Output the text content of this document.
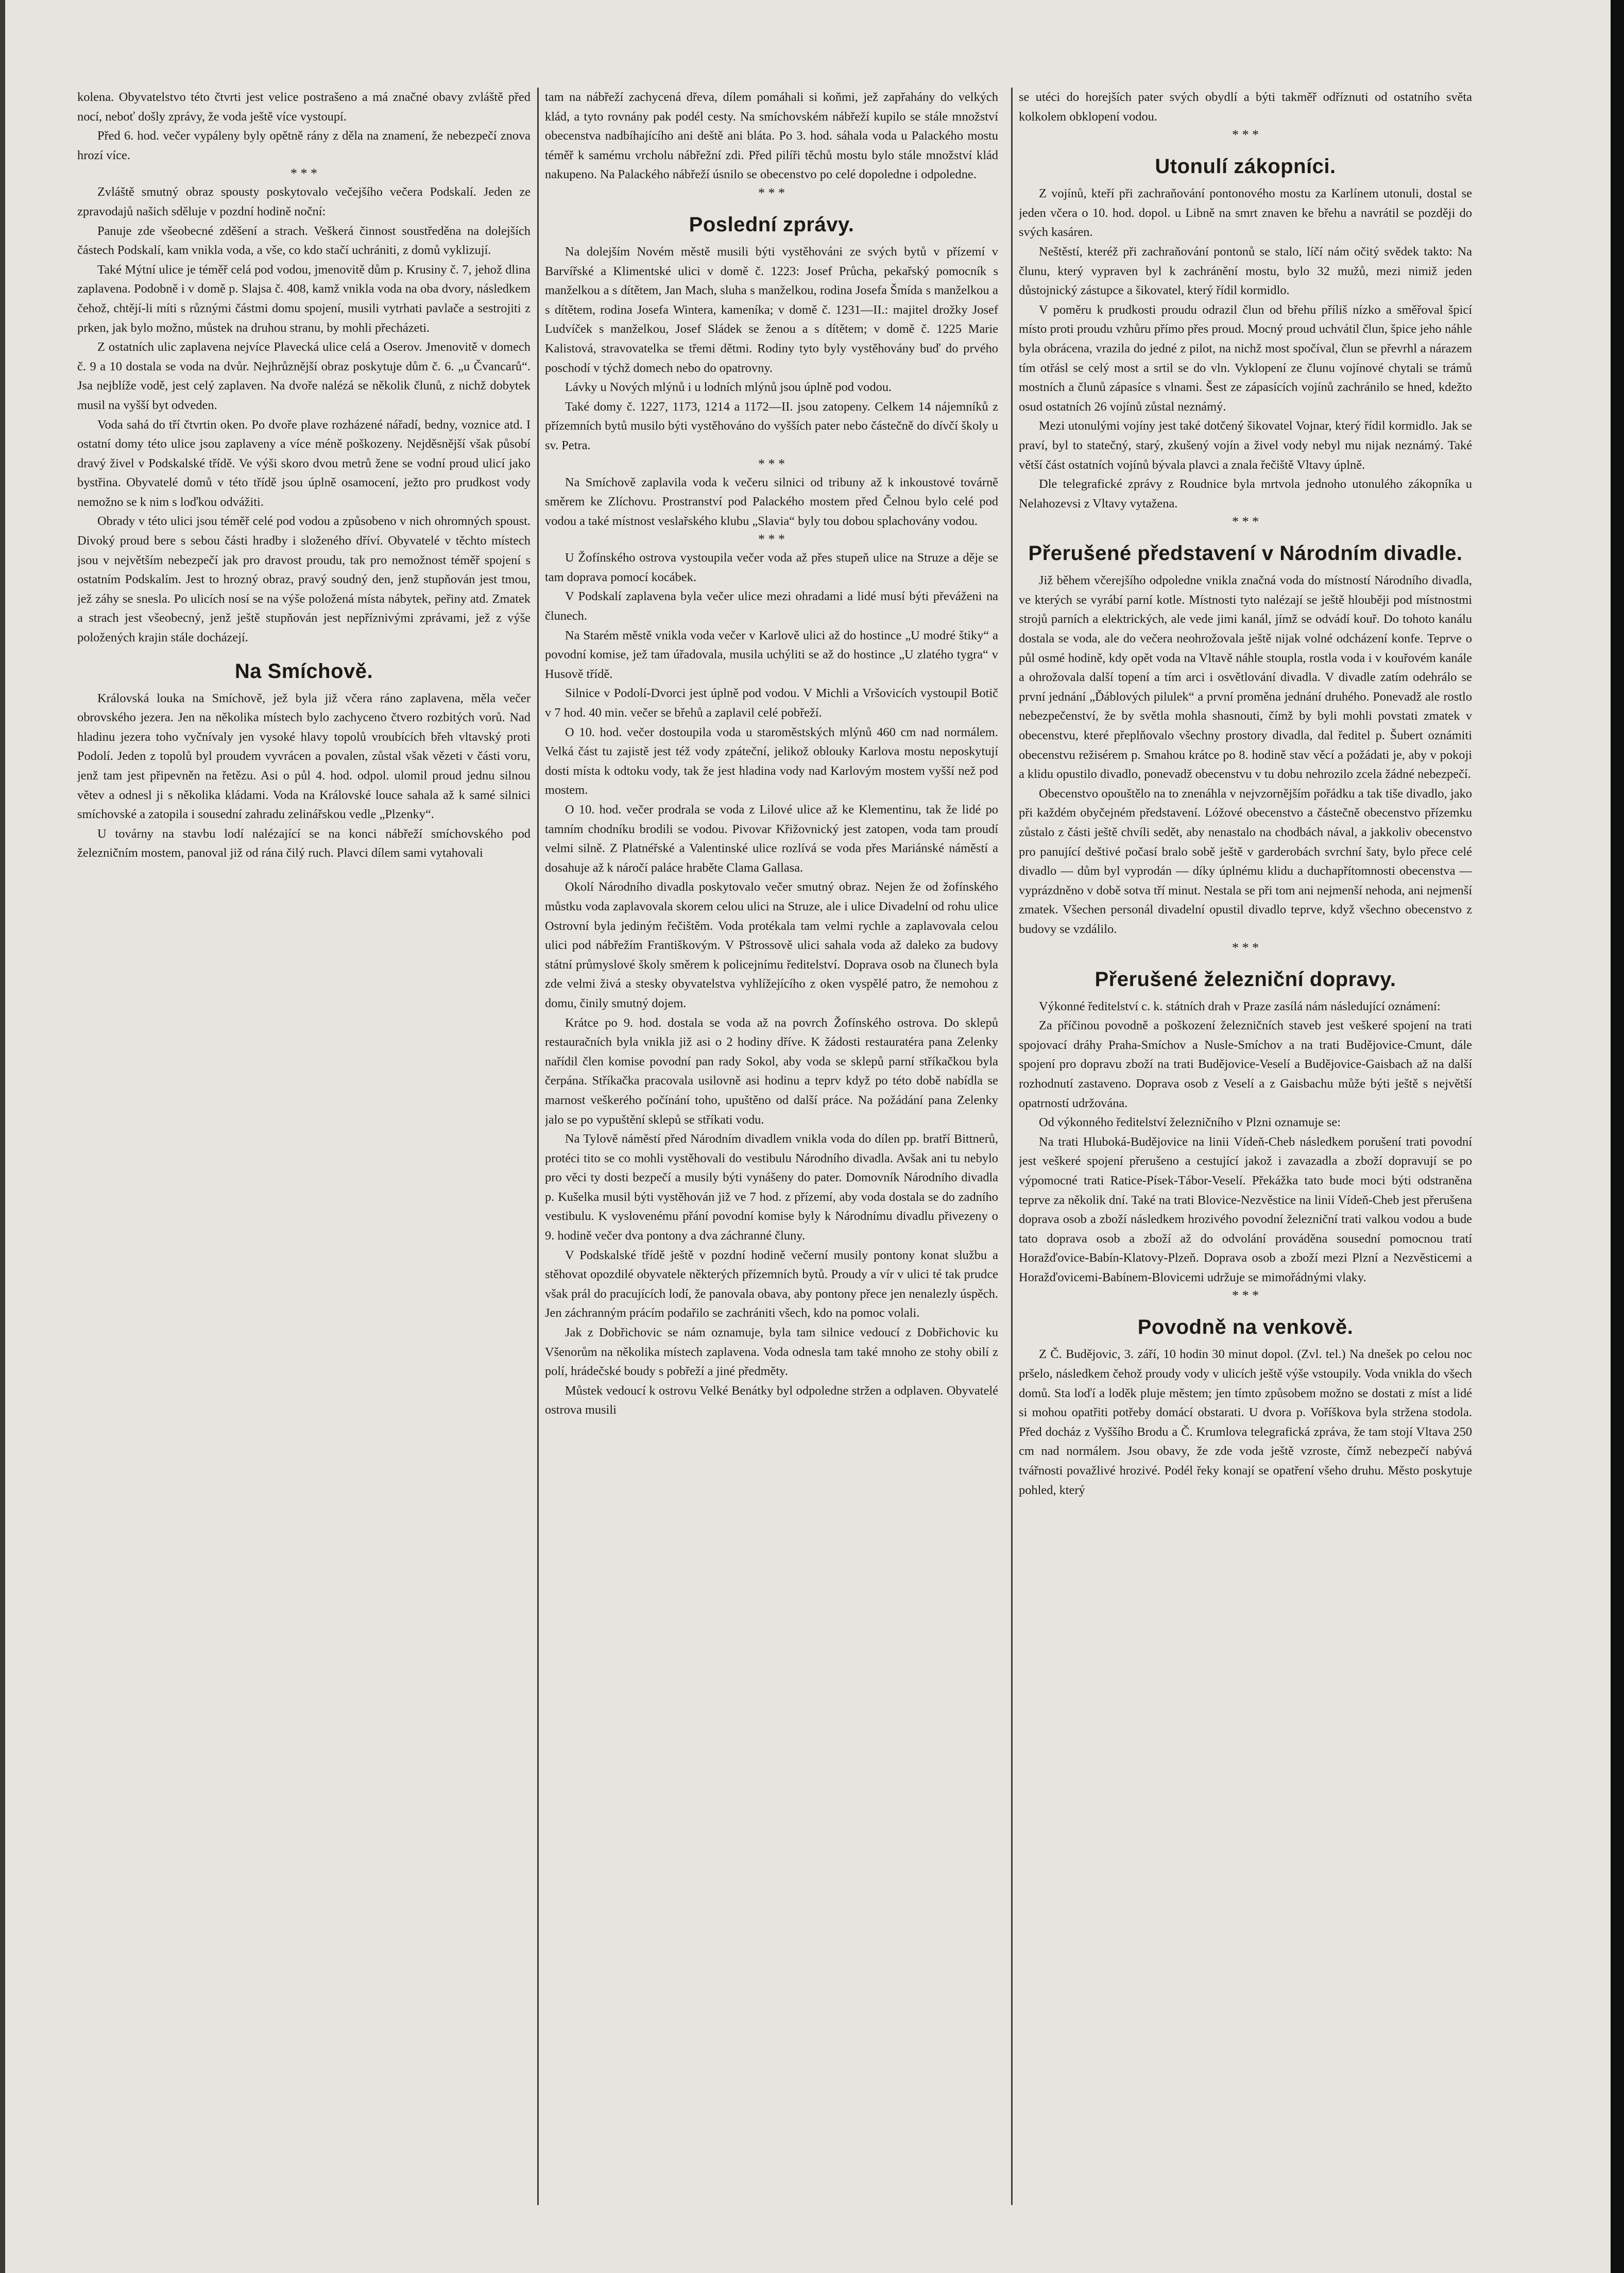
kolena. Obyvatelstvo této čtvrti jest velice postrašeno a má značné obavy zvláště před nocí, neboť došly zprávy, že voda ještě více vystoupí.

Před 6. hod. večer vypáleny byly opětně rány z děla na znamení, že nebezpečí znova hrozí více.

* * *

Zvláště smutný obraz spousty poskytovalo večejšího večera Podskalí. Jeden ze zpravodajů našich sděluje v pozdní hodině noční:

Panuje zde všeobecné zděšení a strach. Veškerá činnost soustředěna na dolejších částech Podskalí, kam vnikla voda, a vše, co kdo stačí uchrániti, z domů vyklizují.

Také Mýtní ulice je téměř celá pod vodou, jmenovitě dům p. Krusiny č. 7, jehož dlina zaplavena. Podobně i v domě p. Slajsa č. 408, kamž vnikla voda na oba dvory, následkem čehož, chtějí-li míti s různými částmi domu spojení, musili vytrhati pavlače a sestrojiti z prken, jak bylo možno, můstek na druhou stranu, by mohli přecházeti.

Z ostatních ulic zaplavena nejvíce Plavecká ulice celá a Oserov. Jmenovitě v domech č. 9 a 10 dostala se voda na dvůr. Nejhrůznější obraz poskytuje dům č. 6. „u Čvancarů“. Jsa nejblíže vodě, jest celý zaplaven. Na dvoře nalézá se několik člunů, z nichž dobytek musil na vyšší byt odveden.

Voda sahá do tří čtvrtin oken. Po dvoře plave rozházené nářadí, bedny, voznice atd. I ostatní domy této ulice jsou zaplaveny a více méně poškozeny. Nejděsnější však působí dravý živel v Podskalské třídě. Ve výši skoro dvou metrů žene se vodní proud ulicí jako bystřina. Obyvatelé domů v této třídě jsou úplně osamocení, ježto pro prudkost vody nemožno se k nim s loďkou odvážiti.

Obrady v této ulici jsou téměř celé pod vodou a způsobeno v nich ohromných spoust. Divoký proud bere s sebou části hradby i složeného dříví. Obyvatelé v těchto místech jsou v největším nebezpečí jak pro dravost proudu, tak pro nemožnost téměř spojení s ostatním Podskalím. Jest to hrozný obraz, pravý soudný den, jenž stupňován jest tmou, jež záhy se snesla. Po ulicích nosí se na výše položená místa nábytek, peřiny atd. Zmatek a strach jest všeobecný, jenž ještě stupňován jest nepříznivými zprávami, jež z výše položených krajin stále docházejí.

Na Smíchově.

Královská louka na Smíchově, jež byla již včera ráno zaplavena, měla večer obrovského jezera. Jen na několika místech bylo zachyceno čtvero rozbitých vorů. Nad hladinu jezera toho vyčnívaly jen vysoké hlavy topolů vroubících břeh vltavský proti Podolí. Jeden z topolů byl proudem vyvrácen a povalen, zůstal však vězeti v části voru, jenž tam jest připevněn na řetězu. Asi o půl 4. hod. odpol. ulomil proud jednu silnou větev a odnesl ji s několika kládami. Voda na Královské louce sahala až k samé silnici smíchovské a zatopila i sousední zahradu zelinářskou vedle „Plzenky“.

U továrny na stavbu lodí nalézající se na konci nábřeží smíchovského pod železničním mostem, panoval již od rána čilý ruch. Plavci dílem sami vytahovali

tam na nábřeží zachycená dřeva, dílem pomáhali si koňmi, jež zapřahány do velkých klád, a tyto rovnány pak podél cesty. Na smíchovském nábřeží kupilo se stále množství obecenstva nadbíhajícího ani deště ani bláta. Po 3. hod. sáhala voda u Palackého mostu téměř k samému vrcholu nábřežní zdi. Před pilíři těchů mostu bylo stále množství klád nakupeno. Na Palackého nábřeží úsnilo se obecenstvo po celé dopoledne i odpoledne.

* * *
Poslední zprávy.

Na dolejším Novém městě musili býti vystěhováni ze svých bytů v přízemí v Barvířské a Klimentské ulici v domě č. 1223: Josef Průcha, pekařský pomocník s manželkou a s dítětem, Jan Mach, sluha s manželkou, rodina Josefa Šmída s manželkou a s dítětem, rodina Josefa Wintera, kameníka; v domě č. 1231—II.: majitel drožky Josef Ludvíček s manželkou, Josef Sládek se ženou a s dítětem; v domě č. 1225 Marie Kalistová, stravovatelka se třemi dětmi. Rodiny tyto byly vystěhovány buď do prvého poschodí v týchž domech nebo do opatrovny.

Lávky u Nových mlýnů i u lodních mlýnů jsou úplně pod vodou.

Také domy č. 1227, 1173, 1214 a 1172—II. jsou zatopeny. Celkem 14 nájemníků z přízemních bytů musilo býti vystěhováno do vyšších pater nebo částečně do dívčí školy u sv. Petra.

* * *

Na Smíchově zaplavila voda k večeru silnici od tribuny až k inkoustové továrně směrem ke Zlíchovu. Prostranství pod Palackého mostem před Čelnou bylo celé pod vodou a také místnost veslařského klubu „Slavia“ byly tou dobou splachovány vodou.

* * *

U Žofínského ostrova vystoupila večer voda až přes stupeň ulice na Struze a děje se tam doprava pomocí kocábek.

V Podskalí zaplavena byla večer ulice mezi ohradami a lidé musí býti převáženi na člunech.

Na Starém městě vnikla voda večer v Karlově ulici až do hostince „U modré štiky“ a povodní komise, jež tam úřadovala, musila uchýliti se až do hostince „U zlatého tygra“ v Husově třídě.

Silnice v Podolí-Dvorci jest úplně pod vodou. V Michli a Vršovicích vystoupil Botič v 7 hod. 40 min. večer se břehů a zaplavil celé pobřeží.

O 10. hod. večer dostoupila voda u staroměstských mlýnů 460 cm nad normálem. Velká část tu zajistě jest též vody zpáteční, jelikož oblouky Karlova mostu neposkytují dosti místa k odtoku vody, tak že jest hladina vody nad Karlovým mostem vyšší než pod mostem.

O 10. hod. večer prodrala se voda z Lilové ulice až ke Klementinu, tak že lidé po tamním chodníku brodili se vodou. Pivovar Křižovnický jest zatopen, voda tam proudí velmi silně. Z Platnéřské a Valentinské ulice rozlívá se voda přes Mariánské náměstí a dosahuje až k náročí paláce hraběte Clama Gallasa.

Okolí Národního divadla poskytovalo večer smutný obraz. Nejen že od žofínského můstku voda zaplavovala skorem celou ulici na Struze, ale i ulice Divadelní od rohu ulice Ostrovní byla jediným řečištěm. Voda protékala tam velmi rychle a zaplavovala celou ulici pod nábřežím Františkovým. V Pštrossově ulici sahala voda až daleko za budovy státní průmyslové školy směrem k policejnímu ředitelství. Doprava osob na člunech byla zde velmi živá a stesky obyvatelstva vyhlížejícího z oken vyspělé patro, že nemohou z domu, činily smutný dojem.

Krátce po 9. hod. dostala se voda až na povrch Žofínského ostrova. Do sklepů restauračních byla vnikla již asi o 2 hodiny dříve. K žádosti restauratéra pana Zelenky nařídil člen komise povodní pan rady Sokol, aby voda se sklepů parní stříkačkou byla čerpána. Stříkačka pracovala usilovně asi hodinu a teprv když po této době nabídla se marnost veškerého počínání toho, upuštěno od další práce. Na požádání pana Zelenky jalo se po vypuštění sklepů se stříkati vodu.

Na Tylově náměstí před Národním divadlem vnikla voda do dílen pp. bratří Bittnerů, protéci tito se co mohli vystěhovali do vestibulu Národního divadla. Avšak ani tu nebylo pro věci ty dosti bezpečí a musily býti vynášeny do pater. Domovník Národního divadla p. Kušelka musil býti vystěhován již ve 7 hod. z přízemí, aby voda dostala se do zadního vestibulu. K vyslovenému přání povodní komise byly k Národnímu divadlu přivezeny o 9. hodině večer dva pontony a dva záchranné čluny.

V Podskalské třídě ještě v pozdní hodině večerní musily pontony konat službu a stěhovat opozdilé obyvatele některých přízemních bytů. Proudy a vír v ulici té tak prudce však prál do pracujících lodí, že panovala obava, aby pontony přece jen nenalezly úspěch. Jen záchranným prácím podařilo se zachrániti všech, kdo na pomoc volali.

Jak z Dobřichovic se nám oznamuje, byla tam silnice vedoucí z Dobřichovic ku Všenorům na několika místech zaplavena. Voda odnesla tam také mnoho ze stohy obilí z polí, hrádečské boudy s pobřeží a jiné předměty.

Můstek vedoucí k ostrovu Velké Benátky byl odpoledne stržen a odplaven. Obyvatelé ostrova musili

se utéci do horejších pater svých obydlí a býti takměř odříznuti od ostatního světa kolkolem obklopení vodou.

* * *
Utonulí zákopníci.

Z vojínů, kteří při zachraňování pontonového mostu za Karlínem utonuli, dostal se jeden včera o 10. hod. dopol. u Libně na smrt znaven ke břehu a navrátil se později do svých kasáren.

Neštěstí, kteréž při zachraňování pontonů se stalo, líčí nám očitý svědek takto: Na člunu, který vypraven byl k zachránění mostu, bylo 32 mužů, mezi nimiž jeden důstojnický zástupce a šikovatel, který řídil kormidlo.

V poměru k prudkosti proudu odrazil člun od břehu příliš nízko a směřoval špicí místo proti proudu vzhůru přímo přes proud. Mocný proud uchvátil člun, špice jeho náhle byla obrácena, vrazila do jedné z pilot, na nichž most spočíval, člun se převrhl a nárazem tím otřásl se celý most a srtil se do vln. Vyklopení ze člunu vojínové chytali se trámů mostních a člunů zápasíce s vlnami. Šest ze zápasících vojínů zachránilo se hned, kdežto osud ostatních 26 vojínů zůstal neznámý.

Mezi utonulými vojíny jest také dotčený šikovatel Vojnar, který řídil kormidlo. Jak se praví, byl to statečný, starý, zkušený vojín a živel vody nebyl mu nijak neznámý. Také větší část ostatních vojínů bývala plavci a znala řečiště Vltavy úplně.

Dle telegrafické zprávy z Roudnice byla mrtvola jednoho utonulého zákopníka u Nelahozevsi z Vltavy vytažena.

* * *
Přerušené představení v Národním divadle.

Již během včerejšího odpoledne vnikla značná voda do místností Národního divadla, ve kterých se vyrábí parní kotle. Místnosti tyto nalézají se ještě hlouběji pod místnostmi strojů parních a elektrických, ale vede jimi kanál, jímž se odvádí kouř. Do tohoto kanálu dostala se voda, ale do večera neohrožovala ještě nijak volné odcházení konfe. Teprve o půl osmé hodině, kdy opět voda na Vltavě náhle stoupla, rostla voda i v kouřovém kanále a ohrožovala další topení a tím arci i osvětlování divadla. V divadle zatím odehrálo se první jednání „Ďáblových pilulek“ a první proměna jednání druhého. Ponevadž ale rostlo nebezpečenství, že by světla mohla shasnouti, čímž by byli mohli povstati zmatek v obecenstvu, které přeplňovalo všechny prostory divadla, dal ředitel p. Šubert oznámiti obecenstvu režisérem p. Smahou krátce po 8. hodině stav věcí a požádati je, aby v pokoji a klidu opustilo divadlo, ponevadž obecenstvu v tu dobu nehrozilo zcela žádné nebezpečí.

Obecenstvo opouštělo na to znenáhla v nejvzornějším pořádku a tak tiše divadlo, jako při každém obyčejném představení. Lóžové obecenstvo a částečně obecenstvo přízemku zůstalo z části ještě chvíli sedět, aby nenastalo na chodbách nával, a jakkoliv obecenstvo pro panující deštivé počasí bralo sobě ještě v garderobách svrchní šaty, bylo přece celé divadlo — dům byl vyprodán — díky úplnému klidu a duchapřítomnosti obecenstva — vyprázdněno v době sotva tří minut. Nestala se při tom ani nejmenší nehoda, ani nejmenší zmatek. Všechen personál divadelní opustil divadlo teprve, když všechno obecenstvo z budovy se vzdálilo.

* * *
Přerušené železniční dopravy.

Výkonné ředitelství c. k. státních drah v Praze zasílá nám následující oznámení:

Za příčinou povodně a poškození železničních staveb jest veškeré spojení na trati spojovací dráhy Praha-Smíchov a Nusle-Smíchov a na trati Budějovice-Cmunt, dále spojení pro dopravu zboží na trati Budějovice-Veselí a Budějovice-Gaisbach až na další rozhodnutí zastaveno. Doprava osob z Veselí a z Gaisbachu může býti ještě s největší opatrností udržována.

Od výkonného ředitelství železničního v Plzni oznamuje se:

Na trati Hluboká-Budějovice na linii Vídeň-Cheb následkem porušení trati povodní jest veškeré spojení přerušeno a cestující jakož i zavazadla a zboží dopravují se po výpomocné trati Ratice-Písek-Tábor-Veselí. Překážka tato bude moci býti odstraněna teprve za několik dní. Také na trati Blovice-Nezvěstice na linii Vídeň-Cheb jest přerušena doprava osob a zboží následkem hrozivého povodní železniční trati valkou vodou a bude tato doprava osob a zboží až do odvolání prováděna sousední pomocnou tratí Horažďovice-Babín-Klatovy-Plzeň. Doprava osob a zboží mezi Plzní a Nezvěsticemi a Horažďovicemi-Babínem-Blovicemi udržuje se mimořádnými vlaky.

* * *
Povodně na venkově.

Z Č. Budějovic, 3. září, 10 hodin 30 minut dopol. (Zvl. tel.) Na dnešek po celou noc pršelo, následkem čehož proudy vody v ulicích ještě výše vstoupily. Voda vnikla do všech domů. Sta loďí a loděk pluje městem; jen tímto způsobem možno se dostati z míst a lidé si mohou opatřiti potřeby domácí obstarati. U dvora p. Voříškova byla stržena stodola. Před docház z Vyššího Brodu a Č. Krumlova telegrafická zpráva, že tam stojí Vltava 250 cm nad normálem. Jsou obavy, že zde voda ještě vzroste, čímž nebezpečí nabývá tvářnosti považlivé hrozivé. Podél řeky konají se opatření všeho druhu. Město poskytuje pohled, který
